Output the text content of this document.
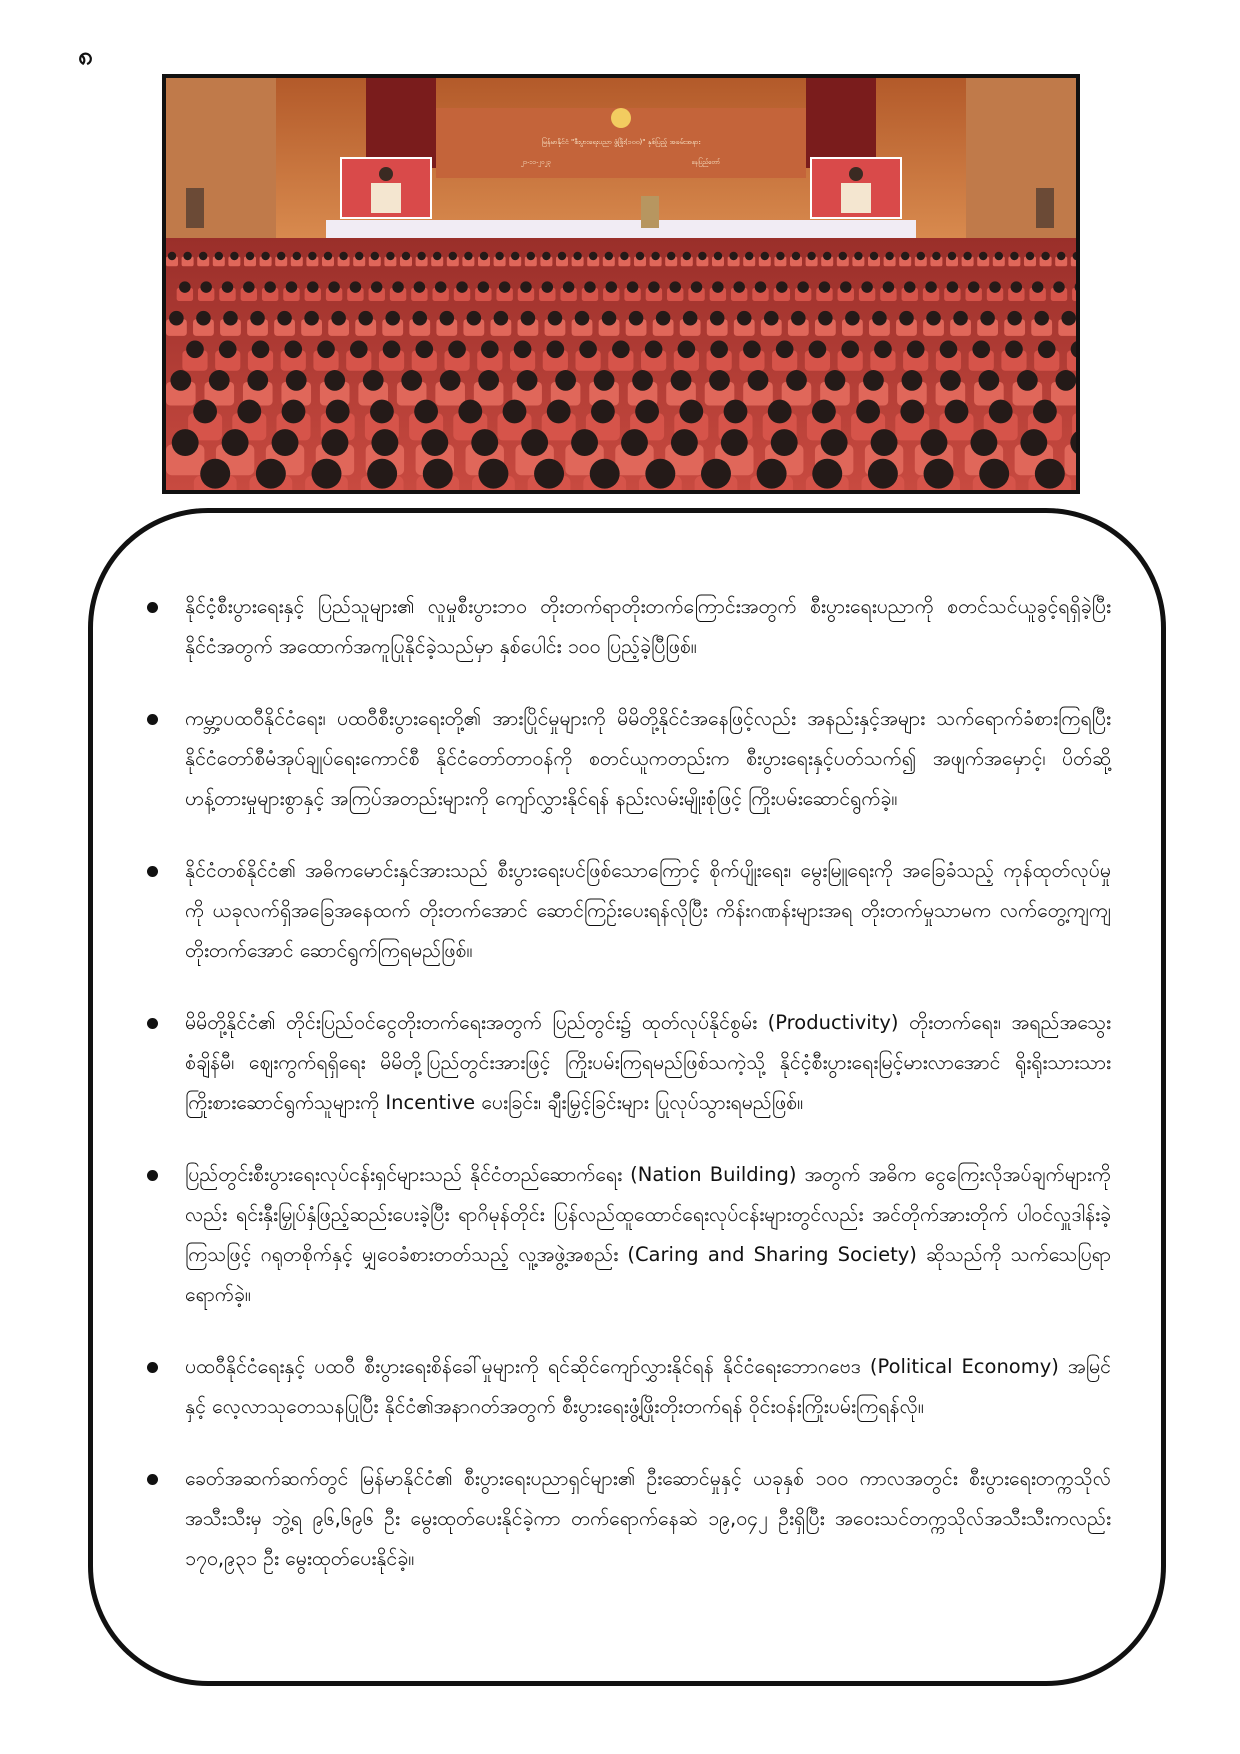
၈
မြန်မာနိုင်ငံ "စီးပွားရေးပညာ ဖွံ့ဖြိုး(၁၀၀)" နှစ်ပြည့် အခမ်းအနား
၂၁-၁၁-၂၀၂၃	နေပြည်တော်
နိုင်ငံ့စီးပွားရေးနှင့် ပြည်သူများ၏ လူမှုစီးပွားဘဝ တိုးတက်ရာတိုးတက်ကြောင်းအတွက် စီးပွားရေးပညာကို စတင်သင်ယူခွင့်ရရှိခဲ့ပြီး နိုင်ငံအတွက် အထောက်အကူပြုနိုင်ခဲ့သည်မှာ နှစ်ပေါင်း ၁၀၀ ပြည့်ခဲ့ပြီဖြစ်။
ကမ္ဘာ့ပထဝီနိုင်ငံရေး၊ ပထဝီစီးပွားရေးတို့၏ အားပြိုင်မှုများကို မိမိတို့နိုင်ငံအနေဖြင့်လည်း အနည်းနှင့်အများ သက်ရောက်ခံစားကြရပြီး နိုင်ငံတော်စီမံအုပ်ချုပ်ရေးကောင်စီ နိုင်ငံတော်တာဝန်ကို စတင်ယူကတည်းက စီးပွားရေးနှင့်ပတ်သက်၍ အဖျက်အမှောင့်၊ ပိတ်ဆို့ဟန့်တားမှုများစွာနှင့် အကြပ်အတည်းများကို ကျော်လွှားနိုင်ရန် နည်းလမ်းမျိုးစုံဖြင့် ကြိုးပမ်းဆောင်ရွက်ခဲ့။
နိုင်ငံတစ်နိုင်ငံ၏ အဓိကမောင်းနှင်အားသည် စီးပွားရေးပင်ဖြစ်သောကြောင့် စိုက်ပျိုးရေး၊ မွေးမြူရေးကို အခြေခံသည့် ကုန်ထုတ်လုပ်မှုကို ယခုလက်ရှိအခြေအနေထက် တိုးတက်အောင် ဆောင်ကြဉ်းပေးရန်လိုပြီး ကိန်းဂဏန်းများအရ တိုးတက်မှုသာမက လက်တွေ့ကျကျ တိုးတက်အောင် ဆောင်ရွက်ကြရမည်ဖြစ်။
မိမိတို့နိုင်ငံ၏ တိုင်းပြည်ဝင်ငွေတိုးတက်ရေးအတွက် ပြည်တွင်း၌ ထုတ်လုပ်နိုင်စွမ်း (Productivity) တိုးတက်ရေး၊ အရည်အသွေး စံချိန်မီ၊ ဈေးကွက်ရရှိရေး မိမိတို့ပြည်တွင်းအားဖြင့် ကြိုးပမ်းကြရမည်ဖြစ်သကဲ့သို့ နိုင်ငံ့စီးပွားရေးမြင့်မားလာအောင် ရိုးရိုးသားသား ကြိုးစားဆောင်ရွက်သူများကို Incentive ပေးခြင်း၊ ချီးမြှင့်ခြင်းများ ပြုလုပ်သွားရမည်ဖြစ်။
ပြည်တွင်းစီးပွားရေးလုပ်ငန်းရှင်များသည် နိုင်ငံတည်ဆောက်ရေး (Nation Building) အတွက် အဓိက ငွေကြေးလိုအပ်ချက်များကိုလည်း ရင်းနှီးမြှုပ်နှံဖြည့်ဆည်းပေးခဲ့ပြီး ရာဂိမုန်တိုင်း ပြန်လည်ထူထောင်ရေးလုပ်ငန်းများတွင်လည်း အင်တိုက်အားတိုက် ပါဝင်လှူဒါန်းခဲ့ကြသဖြင့် ဂရုတစိုက်နှင့် မျှဝေခံစားတတ်သည့် လူ့အဖွဲ့အစည်း (Caring and Sharing Society) ဆိုသည်ကို သက်သေပြရာရောက်ခဲ့။
ပထဝီနိုင်ငံရေးနှင့် ပထဝီ စီးပွားရေးစိန်ခေါ်မှုများကို ရင်ဆိုင်ကျော်လွှားနိုင်ရန် နိုင်ငံရေးဘောဂဗေဒ (Political Economy) အမြင်နှင့် လေ့လာသုတေသနပြုပြီး နိုင်ငံ၏အနာဂတ်အတွက် စီးပွားရေးဖွံ့ဖြိုးတိုးတက်ရန် ဝိုင်းဝန်းကြိုးပမ်းကြရန်လို။
ခေတ်အဆက်ဆက်တွင် မြန်မာနိုင်ငံ၏ စီးပွားရေးပညာရှင်များ၏ ဦးဆောင်မှုနှင့် ယခုနှစ် ၁၀၀ ကာလအတွင်း စီးပွားရေးတက္ကသိုလ် အသီးသီးမှ ဘွဲ့ရ ၉၆,၆၉၆ ဦး မွေးထုတ်ပေးနိုင်ခဲ့ကာ တက်ရောက်နေဆဲ ၁၉,၀၄၂ ဦးရှိပြီး အဝေးသင်တက္ကသိုလ်အသီးသီးကလည်း ၁၇၀,၉၃၁ ဦး မွေးထုတ်ပေးနိုင်ခဲ့။
